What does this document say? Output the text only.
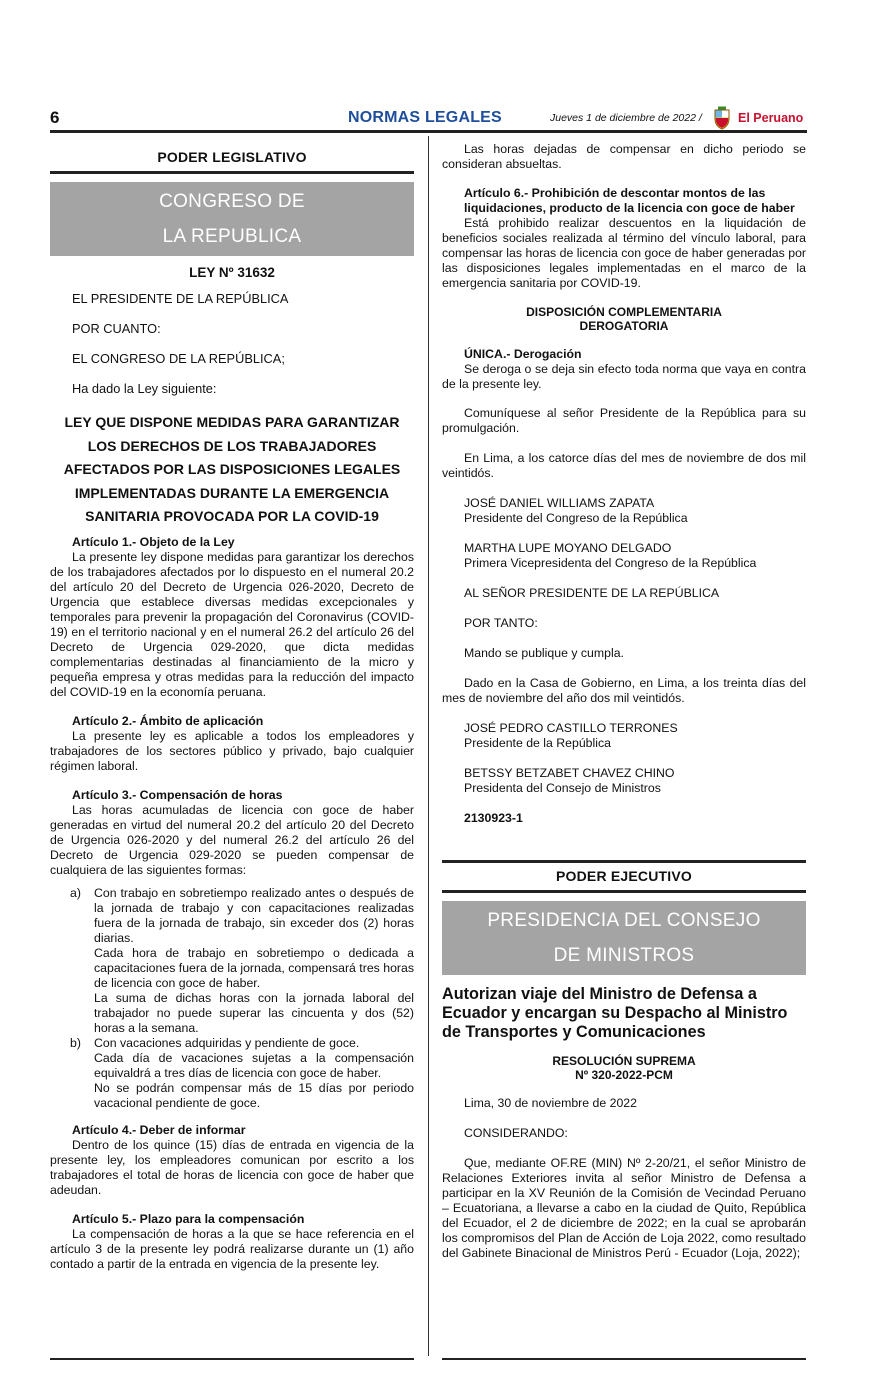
6	NORMAS LEGALES	Jueves 1 de diciembre de 2022 /	El Peruano
PODER LEGISLATIVO
CONGRESO DE
LA REPUBLICA
LEY Nº 31632

EL PRESIDENTE DE LA REPÚBLICA

POR CUANTO:

EL CONGRESO DE LA REPÚBLICA;

Ha dado la Ley siguiente:

LEY QUE DISPONE MEDIDAS PARA GARANTIZAR
LOS DERECHOS DE LOS TRABAJADORES
AFECTADOS POR LAS DISPOSICIONES LEGALES
IMPLEMENTADAS DURANTE LA EMERGENCIA
SANITARIA PROVOCADA POR LA COVID-19
Artículo 1.- Objeto de la Ley

La presente ley dispone medidas para garantizar los derechos de los trabajadores afectados por lo dispuesto en el numeral 20.2 del artículo 20 del Decreto de Urgencia 026-2020, Decreto de Urgencia que establece diversas medidas excepcionales y temporales para prevenir la propagación del Coronavirus (COVID-19) en el territorio nacional y en el numeral 26.2 del artículo 26 del Decreto de Urgencia 029-2020, que dicta medidas complementarias destinadas al financiamiento de la micro y pequeña empresa y otras medidas para la reducción del impacto del COVID-19 en la economía peruana.

Artículo 2.- Ámbito de aplicación

La presente ley es aplicable a todos los empleadores y trabajadores de los sectores público y privado, bajo cualquier régimen laboral.

Artículo 3.- Compensación de horas

Las horas acumuladas de licencia con goce de haber generadas en virtud del numeral 20.2 del artículo 20 del Decreto de Urgencia 026-2020 y del numeral 26.2 del artículo 26 del Decreto de Urgencia 029-2020 se pueden compensar de cualquiera de las siguientes formas:

a) Con trabajo en sobretiempo realizado antes o después de la jornada de trabajo y con capacitaciones realizadas fuera de la jornada de trabajo, sin exceder dos (2) horas diarias.

Cada hora de trabajo en sobretiempo o dedicada a capacitaciones fuera de la jornada, compensará tres horas de licencia con goce de haber.

La suma de dichas horas con la jornada laboral del trabajador no puede superar las cincuenta y dos (52) horas a la semana.

b) Con vacaciones adquiridas y pendiente de goce.

Cada día de vacaciones sujetas a la compensación equivaldrá a tres días de licencia con goce de haber.

No se podrán compensar más de 15 días por periodo vacacional pendiente de goce.

Artículo 4.- Deber de informar

Dentro de los quince (15) días de entrada en vigencia de la presente ley, los empleadores comunican por escrito a los trabajadores el total de horas de licencia con goce de haber que adeudan.

Artículo 5.- Plazo para la compensación

La compensación de horas a la que se hace referencia en el artículo 3 de la presente ley podrá realizarse durante un (1) año contado a partir de la entrada en vigencia de la presente ley.

Las horas dejadas de compensar en dicho periodo se consideran absueltas.

Artículo 6.- Prohibición de descontar montos de las liquidaciones, producto de la licencia con goce de haber

Está prohibido realizar descuentos en la liquidación de beneficios sociales realizada al término del vínculo laboral, para compensar las horas de licencia con goce de haber generadas por las disposiciones legales implementadas en el marco de la emergencia sanitaria por COVID-19.

DISPOSICIÓN COMPLEMENTARIA
DEROGATORIA
ÚNICA.- Derogación

Se deroga o se deja sin efecto toda norma que vaya en contra de la presente ley.

Comuníquese al señor Presidente de la República para su promulgación.

En Lima, a los catorce días del mes de noviembre de dos mil veintidós.

JOSÉ DANIEL WILLIAMS ZAPATA
Presidente del Congreso de la República
MARTHA LUPE MOYANO DELGADO
Primera Vicepresidenta del Congreso de la República
AL SEÑOR PRESIDENTE DE LA REPÚBLICA
POR TANTO:
Mando se publique y cumpla.

Dado en la Casa de Gobierno, en Lima, a los treinta días del mes de noviembre del año dos mil veintidós.

JOSÉ PEDRO CASTILLO TERRONES
Presidente de la República
BETSSY BETZABET CHAVEZ CHINO
Presidenta del Consejo de Ministros
2130923-1
PODER EJECUTIVO
PRESIDENCIA DEL CONSEJO
DE MINISTROS
Autorizan viaje del Ministro de Defensa a Ecuador y encargan su Despacho al Ministro de Transportes y Comunicaciones
RESOLUCIÓN SUPREMA
Nº 320-2022-PCM
Lima, 30 de noviembre de 2022
CONSIDERANDO:

Que, mediante OF.RE (MIN) Nº 2-20/21, el señor Ministro de Relaciones Exteriores invita al señor Ministro de Defensa a participar en la XV Reunión de la Comisión de Vecindad Peruano – Ecuatoriana, a llevarse a cabo en la ciudad de Quito, República del Ecuador, el 2 de diciembre de 2022; en la cual se aprobarán los compromisos del Plan de Acción de Loja 2022, como resultado del Gabinete Binacional de Ministros Perú - Ecuador (Loja, 2022);
